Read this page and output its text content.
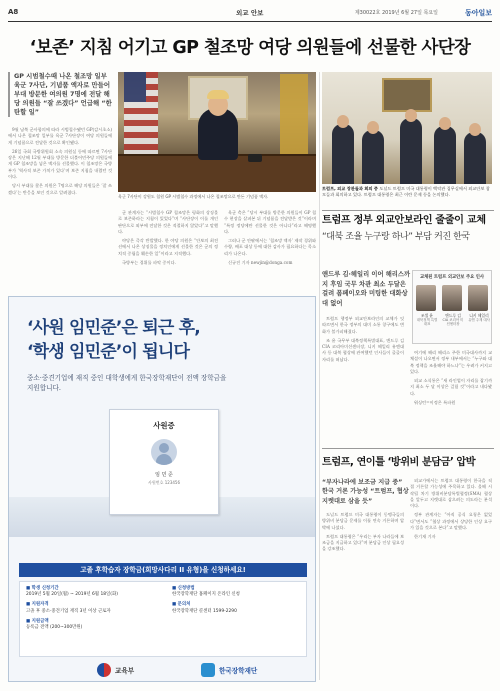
A8	외교 안보	제30022호 2019년 6월 27일 목요일	동아일보
‘보존’ 지침 어기고 GP 철조망 여당 의원들에 선물한 사단장
GP 시범철수때 나온 철조망 일부 육군 7사단, 기념품 액자로 만들어 부대 방문한 여의원 7명에 전달 해당 의원들 “잘 쓰겠다” 언급해 “한탄할 일”

9월 남북 군사합의에 따라 시범철수됐던 GP(감시초소)에서 나온 철조망 일부를 육군 7사단장이 여당 의원들에게 기념품으로 전달한 것으로 확인됐다.

26일 국회 국방위원회 소속 의원실 등에 따르면 7사단장은 지난해 12월 부대를 방문한 더불어민주당 의원들에게 GP 철조망을 넣은 액자를 선물했다. 이 철조망은 국방부가 ‘역사적 보존 가치가 있다’며 보존 지침을 내렸던 것이다.

당시 부대를 찾은 의원은 7명으로 해당 의원들은 ‘잘 쓰겠다’는 반응을 보인 것으로 알려졌다.

육군 7사단이 강원도 철원 GP 시범철수 과정에서 나온 철조망으로 만든 기념품 액자.

군 관계자는 “시범철수 GP 철조망은 평화의 상징물로 보존하라는 지침이 있었다”며 “사단장이 이를 개인 판단으로 외부에 전달한 것은 적절하지 않았다”고 말했다.

야당은 즉각 반발했다. 한 야당 의원은 “안보의 최전선에서 나온 상징물을 정치인에게 선물한 것은 군의 정치적 중립을 훼손한 일”이라고 지적했다.

국방부는 경위를 파악 중이다.

육군 측은 “당시 부대를 방문한 의원들이 GP 철수 현장을 살펴본 뒤 기념품을 전달받은 것”이라며 “특정 정당에만 선물한 것은 아니다”라고 해명했다.

그러나 군 안팎에서는 ‘철조망 액자’ 제작 경위와 수량, 배포 대상 등에 대한 감사가 필요하다는 목소리가 나온다.

신규진 기자 newjin@donga.com

트럼프, 외교 장관들과 회의 중 도널드 트럼프 미국 대통령이 백악관 집무실에서 외교안보 참모들과 회의하고 있다. 트럼프 대통령은 최근 이란 문제 등을 논의했다.
트럼프 정부 외교안보라인 줄줄이 교체
“대북 조율 누구랑 하나” 부담 커진 한국
앤드루 김·헤일리 이어 해리스까지 후임 국무 차관 최소 두달은 걸려 폼페이오와 미팅한 대화상대 없어
교체된 트럼프 외교안보 주요 인사
조셉 윤
대북정책 특별대표
앤드루 김
CIA 코리아 미션센터장
니키 헤일리
유엔 주재 대사

트럼프 행정부 외교안보라인의 교체가 잇따르면서 한국 정부의 대미 소통 창구에도 변화가 불가피해졌다.

조 윤 국무부 대북정책특별대표, 앤드루 김 CIA 코리아미션센터장, 니키 헤일리 유엔대사 등 대북 협상에 관여했던 인사들이 줄줄이 자리를 떠났다.

여기에 해리 해리스 주한 미국대사까지 교체설이 나오면서 정부 내부에서는 “누구와 대북 정책을 조율해야 하느냐”는 우려가 커지고 있다.

외교 소식통은 “새 라인업이 자리를 잡기까지 최소 두 달 이상은 걸릴 것”이라고 내다봤다.

워싱턴=이정은 특파원

트럼프, 연이틀 ‘방위비 분담금’ 압박
“부자나라에 보조금 지급 중” 한국 거론 가능성 “트럼프, 협상 지렛대로 삼을 듯”

도널드 트럼프 미국 대통령이 동맹국들의 방위비 분담금 문제를 이틀 연속 거론하며 압박에 나섰다.

트럼프 대통령은 “우리는 부자 나라들에 보조금을 지급하고 있다”며 분담금 인상 필요성을 강조했다.

외교가에서는 트럼프 대통령이 한국을 직접 거론할 가능성에 주목하고 있다. 올해 시작될 차기 방위비분담특별협정(SMA) 협상을 앞두고 지렛대로 삼으려는 의도라는 분석이다.

정부 관계자는 “아직 공식 요청은 없었다”면서도 “협상 과정에서 상당한 인상 요구가 있을 것으로 본다”고 말했다.

한기재 기자

‘사원 임민준’은 퇴근 후,
‘학생 임민준’이 됩니다
중소·중견기업에 재직 중인 대학생에게 한국장학재단이 전액 장학금을 지원합니다.
사원증
임 민 준
사원번호 123456
고졸 후학습자 장학금(희망사다리 II 유형)을 신청하세요!
■ 학생 신청기간
2019년 5월 20일(월) ~ 2019년 6월 18일(화)
■ 지원자격
고졸 후 중소·중견기업 재직 3년 이상 근로자
■ 지원금액
등록금 전액 (200~300만원)
■ 신청방법
한국장학재단 홈페이지 온라인 신청
■ 문의처
한국장학재단 콜센터 1599-2290
교육부	한국장학재단
